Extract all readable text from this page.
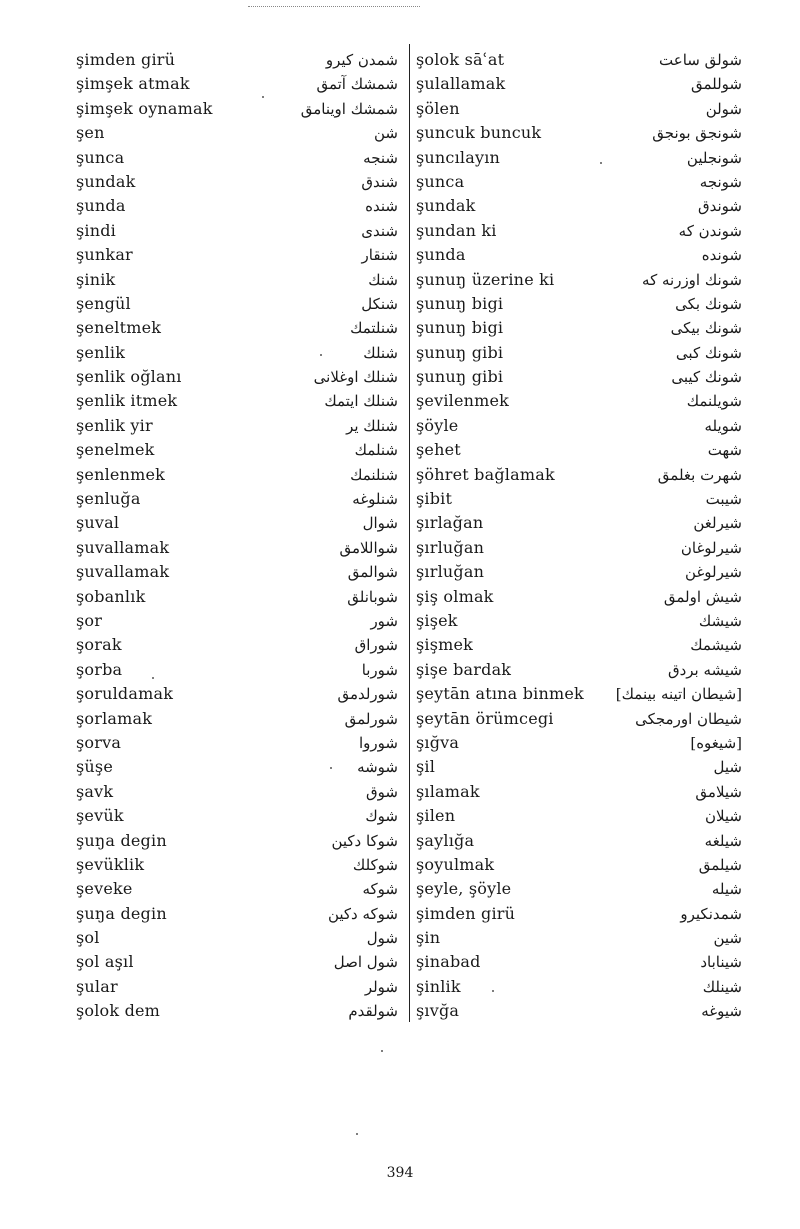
şimden girü	شمدن كيرو
şimşek atmak	شمشك آتمق
şimşek oynamak	شمشك اوينامق
şen	شن
şunca	شنجه
şundak	شندق
şunda	شنده
şindi	شندى
şunkar	شنقار
şinik	شنك
şengül	شنكل
şeneltmek	شنلتمك
şenlik	شنلك
şenlik oğlanı	شنلك اوغلانى
şenlik itmek	شنلك ايتمك
şenlik yir	شنلك ير
şenelmek	شنلمك
şenlenmek	شنلنمك
şenluğa	شنلوغه
şuval	شوال
şuvallamak	شواللامق
şuvallamak	شوالمق
şobanlık	شوبانلق
şor	شور
şorak	شوراق
şorba	شوربا
şoruldamak	شورلدمق
şorlamak	شورلمق
şorva	شوروا
şüşe	شوشه
şavk	شوق
şevük	شوك
şuŋa degin	شوكا دكين
şevüklik	شوكلك
şeveke	شوكه
şuŋa degin	شوكه دكين
şol	شول
şol aşıl	شول اصل
şular	شولر
şolok dem	شولقدم
şolok sāʿat	شولق ساعت
şulallamak	شوللمق
şölen	شولن
şuncuk buncuk	شونجق بونجق
şuncılayın	شونجلين
şunca	شونجه
şundak	شوندق
şundan ki	شوندن كه
şunda	شونده
şunuŋ üzerine ki	شونك اوزرنه كه
şunuŋ bigi	شونك بكى
şunuŋ bigi	شونك بيكى
şunuŋ gibi	شونك كبى
şunuŋ gibi	شونك كيبى
şevilenmek	شويلنمك
şöyle	شويله
şehet	شهت
şöhret bağlamak	شهرت بغلمق
şibit	شيبت
şırlağan	شيرلغن
şırluğan	شيرلوغان
şırluğan	شيرلوغن
şiş olmak	شيش اولمق
şişek	شيشك
şişmek	شيشمك
şişe bardak	شيشه بردق
şeytān atına binmek [شيطان اتينه بينمك]
şeytān örümcegi	شيطان اورمجكى
şığva	[شيغوه]
şil	شيل
şılamak	شيلامق
şilen	شيلان
şaylığa	شيلغه
şoyulmak	شيلمق
şeyle, şöyle	شيله
şimden girü	شمدنكيرو
şin	شين
şinabad	شيناباد
şinlik	شينلك
şıvğa	شيوغه
394
